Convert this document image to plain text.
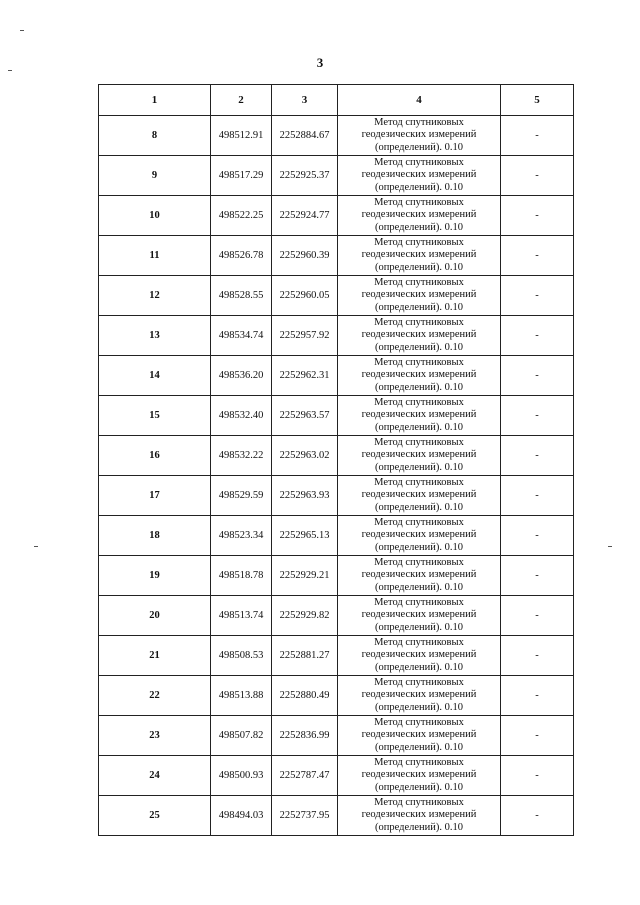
3
1	2	3	4	5
8	498512.91	2252884.67	Метод спутниковых
геодезических измерений
(определений). 0.10	-
9	498517.29	2252925.37	Метод спутниковых
геодезических измерений
(определений). 0.10	-
10	498522.25	2252924.77	Метод спутниковых
геодезических измерений
(определений). 0.10	-
11	498526.78	2252960.39	Метод спутниковых
геодезических измерений
(определений). 0.10	-
12	498528.55	2252960.05	Метод спутниковых
геодезических измерений
(определений). 0.10	-
13	498534.74	2252957.92	Метод спутниковых
геодезических измерений
(определений). 0.10	-
14	498536.20	2252962.31	Метод спутниковых
геодезических измерений
(определений). 0.10	-
15	498532.40	2252963.57	Метод спутниковых
геодезических измерений
(определений). 0.10	-
16	498532.22	2252963.02	Метод спутниковых
геодезических измерений
(определений). 0.10	-
17	498529.59	2252963.93	Метод спутниковых
геодезических измерений
(определений). 0.10	-
18	498523.34	2252965.13	Метод спутниковых
геодезических измерений
(определений). 0.10	-
19	498518.78	2252929.21	Метод спутниковых
геодезических измерений
(определений). 0.10	-
20	498513.74	2252929.82	Метод спутниковых
геодезических измерений
(определений). 0.10	-
21	498508.53	2252881.27	Метод спутниковых
геодезических измерений
(определений). 0.10	-
22	498513.88	2252880.49	Метод спутниковых
геодезических измерений
(определений). 0.10	-
23	498507.82	2252836.99	Метод спутниковых
геодезических измерений
(определений). 0.10	-
24	498500.93	2252787.47	Метод спутниковых
геодезических измерений
(определений). 0.10	-
25	498494.03	2252737.95	Метод спутниковых
геодезических измерений
(определений). 0.10	-
